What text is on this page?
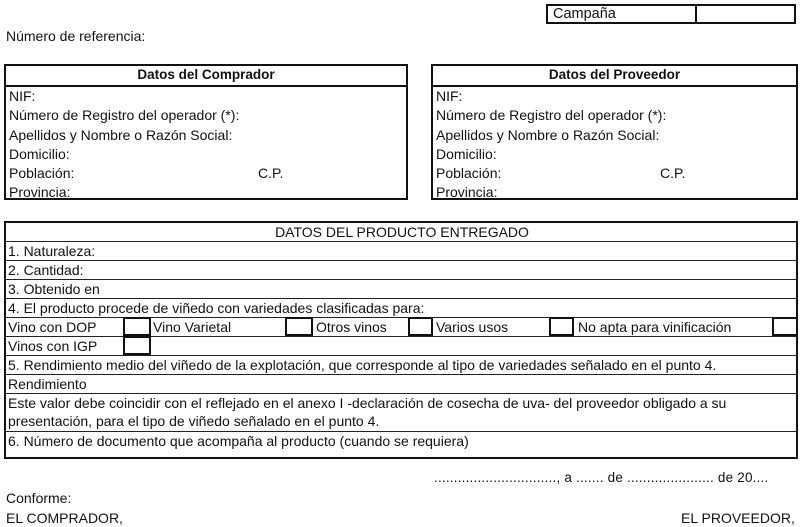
Campaña
Número de referencia:
Datos del Comprador
NIF:
Número de Registro del operador (*):
Apellidos y Nombre o Razón Social:
Domicilio:
Población:	C.P.
Provincia:
Datos del Proveedor
NIF:
Número de Registro del operador (*):
Apellidos y Nombre o Razón Social:
Domicilio:
Población:	C.P.
Provincia:
DATOS DEL PRODUCTO ENTREGADO
1. Naturaleza:
2. Cantidad:
3. Obtenido en
4. El producto procede de viñedo con variedades clasificadas para:
Vino con DOP	Vino Varietal	Otros vinos	Varios usos	No apta para vinificación
Vinos con IGP
5. Rendimiento medio del viñedo de la explotación, que corresponde al tipo de variedades señalado en el punto 4.
Rendimiento
Este valor debe coincidir con el reflejado en el anexo I -declaración de cosecha de uva- del proveedor obligado a su presentación, para el tipo de viñedo señalado en el punto 4.
6. Número de documento que acompaña al producto (cuando se requiera)
..............................., a ....... de ...................... de 20....
Conforme:
EL COMPRADOR,	EL PROVEEDOR,
